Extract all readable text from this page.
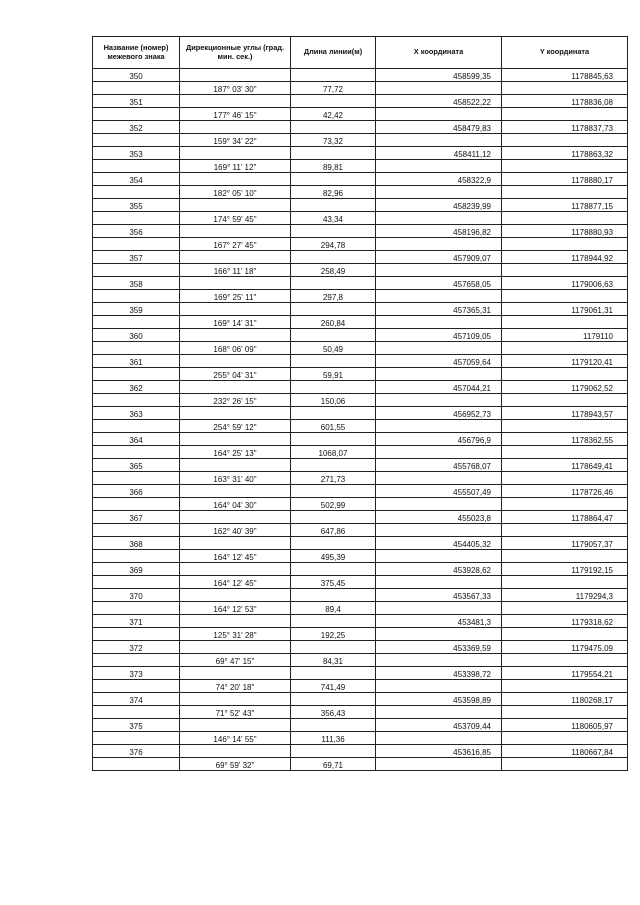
Название (номер) межевого знака	Дирекционные углы (град. мин. сек.)	Длина линии(м)	X координата	Y координата
350			458599,35	1178845,63
	187° 03' 30"	77,72		
351			458522,22	1178836,08
	177° 46' 15"	42,42		
352			458479,83	1178837,73
	159° 34' 22"	73,32		
353			458411,12	1178863,32
	169° 11' 12"	89,81		
354			458322,9	1178880,17
	182° 05' 10"	82,96		
355			458239,99	1178877,15
	174° 59' 45"	43,34		
356			458196,82	1178880,93
	167° 27' 45"	294,78		
357			457909,07	1178944,92
	166° 11' 18"	258,49		
358			457658,05	1179006,63
	169° 25' 11"	297,8		
359			457365,31	1179061,31
	169° 14' 31"	260,84		
360			457109,05	1179110
	168° 06' 09"	50,49		
361			457059,64	1179120,41
	255° 04' 31"	59,91		
362			457044,21	1179062,52
	232° 26' 15"	150,06		
363			456952,73	1178943,57
	254° 59' 12"	601,55		
364			456796,9	1178362,55
	164° 25' 13"	1068,07		
365			455768,07	1178649,41
	163° 31' 40"	271,73		
366			455507,49	1178726,46
	164° 04' 30"	502,99		
367			455023,8	1178864,47
	162° 40' 39"	647,86		
368			454405,32	1179057,37
	164° 12' 45"	495,39		
369			453928,62	1179192,15
	164° 12' 45"	375,45		
370			453567,33	1179294,3
	164° 12' 53"	89,4		
371			453481,3	1179318,62
	125° 31' 28"	192,25		
372			453369,59	1179475,09
	69° 47' 15"	84,31		
373			453398,72	1179554,21
	74° 20' 18"	741,49		
374			453598,89	1180268,17
	71° 52' 43"	356,43		
375			453709,44	1180605,97
	146° 14' 55"	111,36		
376			453616,85	1180667,84
	69° 59' 32"	69,71		
